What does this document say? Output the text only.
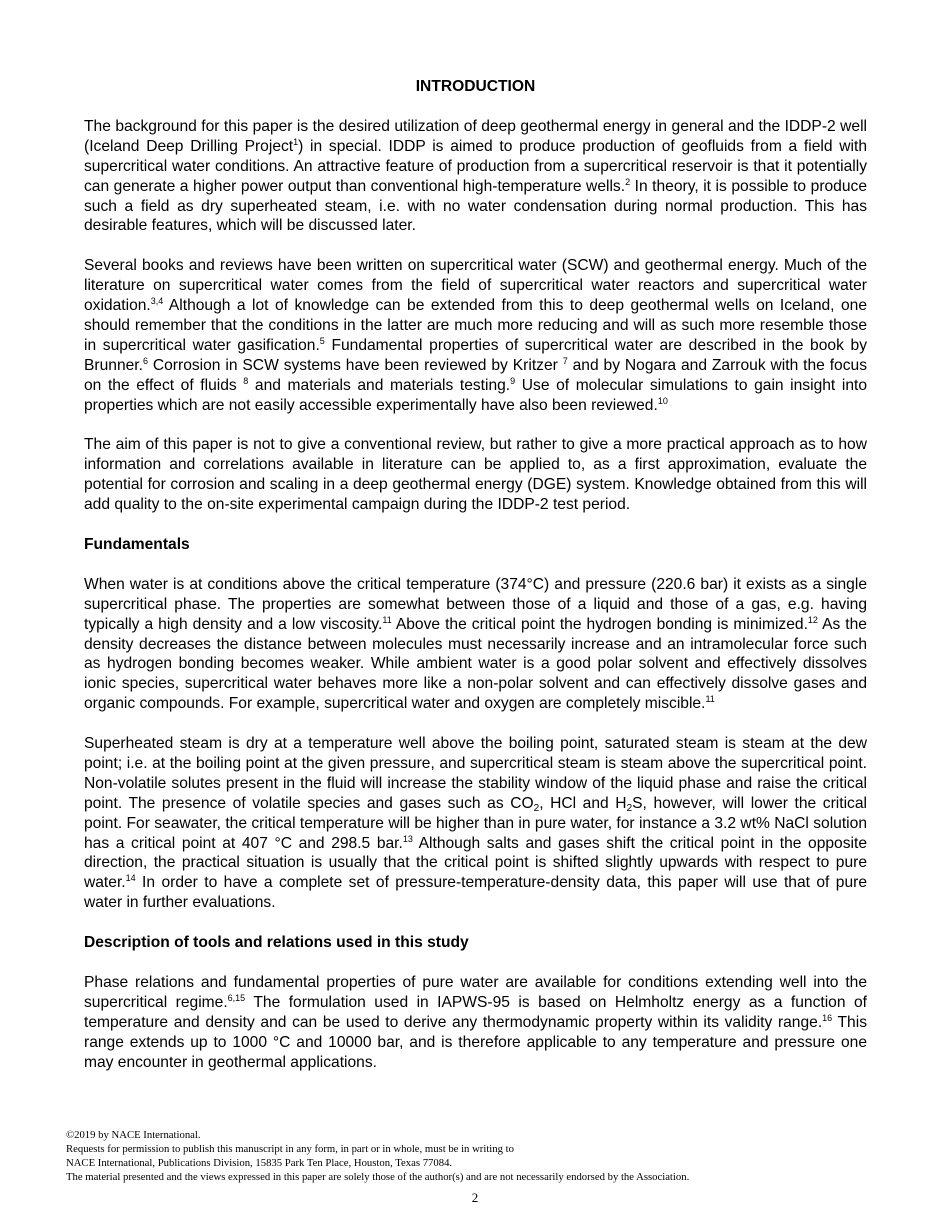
INTRODUCTION
The background for this paper is the desired utilization of deep geothermal energy in general and the IDDP-2 well (Iceland Deep Drilling Project$^1$) in special. IDDP is aimed to produce production of geofluids from a field with supercritical water conditions. An attractive feature of production from a supercritical reservoir is that it potentially can generate a higher power output than conventional high-temperature wells.$^2$ In theory, it is possible to produce such a field as dry superheated steam, i.e. with no water condensation during normal production. This has desirable features, which will be discussed later.
Several books and reviews have been written on supercritical water (SCW) and geothermal energy. Much of the literature on supercritical water comes from the field of supercritical water reactors and supercritical water oxidation.$^{3,4}$ Although a lot of knowledge can be extended from this to deep geothermal wells on Iceland, one should remember that the conditions in the latter are much more reducing and will as such more resemble those in supercritical water gasification.$^5$ Fundamental properties of supercritical water are described in the book by Brunner.$^6$ Corrosion in SCW systems have been reviewed by Kritzer $^7$ and by Nogara and Zarrouk with the focus on the effect of fluids $^8$ and materials and materials testing.$^9$ Use of molecular simulations to gain insight into properties which are not easily accessible experimentally have also been reviewed.$^{10}$
The aim of this paper is not to give a conventional review, but rather to give a more practical approach as to how information and correlations available in literature can be applied to, as a first approximation, evaluate the potential for corrosion and scaling in a deep geothermal energy (DGE) system. Knowledge obtained from this will add quality to the on-site experimental campaign during the IDDP-2 test period.
Fundamentals
When water is at conditions above the critical temperature (374°C) and pressure (220.6 bar) it exists as a single supercritical phase. The properties are somewhat between those of a liquid and those of a gas, e.g. having typically a high density and a low viscosity.$^{11}$ Above the critical point the hydrogen bonding is minimized.$^{12}$ As the density decreases the distance between molecules must necessarily increase and an intramolecular force such as hydrogen bonding becomes weaker. While ambient water is a good polar solvent and effectively dissolves ionic species, supercritical water behaves more like a non-polar solvent and can effectively dissolve gases and organic compounds. For example, supercritical water and oxygen are completely miscible.$^{11}$
Superheated steam is dry at a temperature well above the boiling point, saturated steam is steam at the dew point; i.e. at the boiling point at the given pressure, and supercritical steam is steam above the supercritical point. Non-volatile solutes present in the fluid will increase the stability window of the liquid phase and raise the critical point. The presence of volatile species and gases such as $CO_2$, HCl and $H_2S$, however, will lower the critical point. For seawater, the critical temperature will be higher than in pure water, for instance a 3.2 wt% NaCl solution has a critical point at 407 °C and 298.5 bar.$^{13}$ Although salts and gases shift the critical point in the opposite direction, the practical situation is usually that the critical point is shifted slightly upwards with respect to pure water.$^{14}$ In order to have a complete set of pressure-temperature-density data, this paper will use that of pure water in further evaluations.
Description of tools and relations used in this study
Phase relations and fundamental properties of pure water are available for conditions extending well into the supercritical regime.$^{6,15}$ The formulation used in IAPWS-95 is based on Helmholtz energy as a function of temperature and density and can be used to derive any thermodynamic property within its validity range.$^{16}$ This range extends up to 1000 °C and 10000 bar, and is therefore applicable to any temperature and pressure one may encounter in geothermal applications.
©2019 by NACE International.
Requests for permission to publish this manuscript in any form, in part or in whole, must be in writing to
NACE International, Publications Division, 15835 Park Ten Place, Houston, Texas 77084.
The material presented and the views expressed in this paper are solely those of the author(s) and are not necessarily endorsed by the Association.
2
